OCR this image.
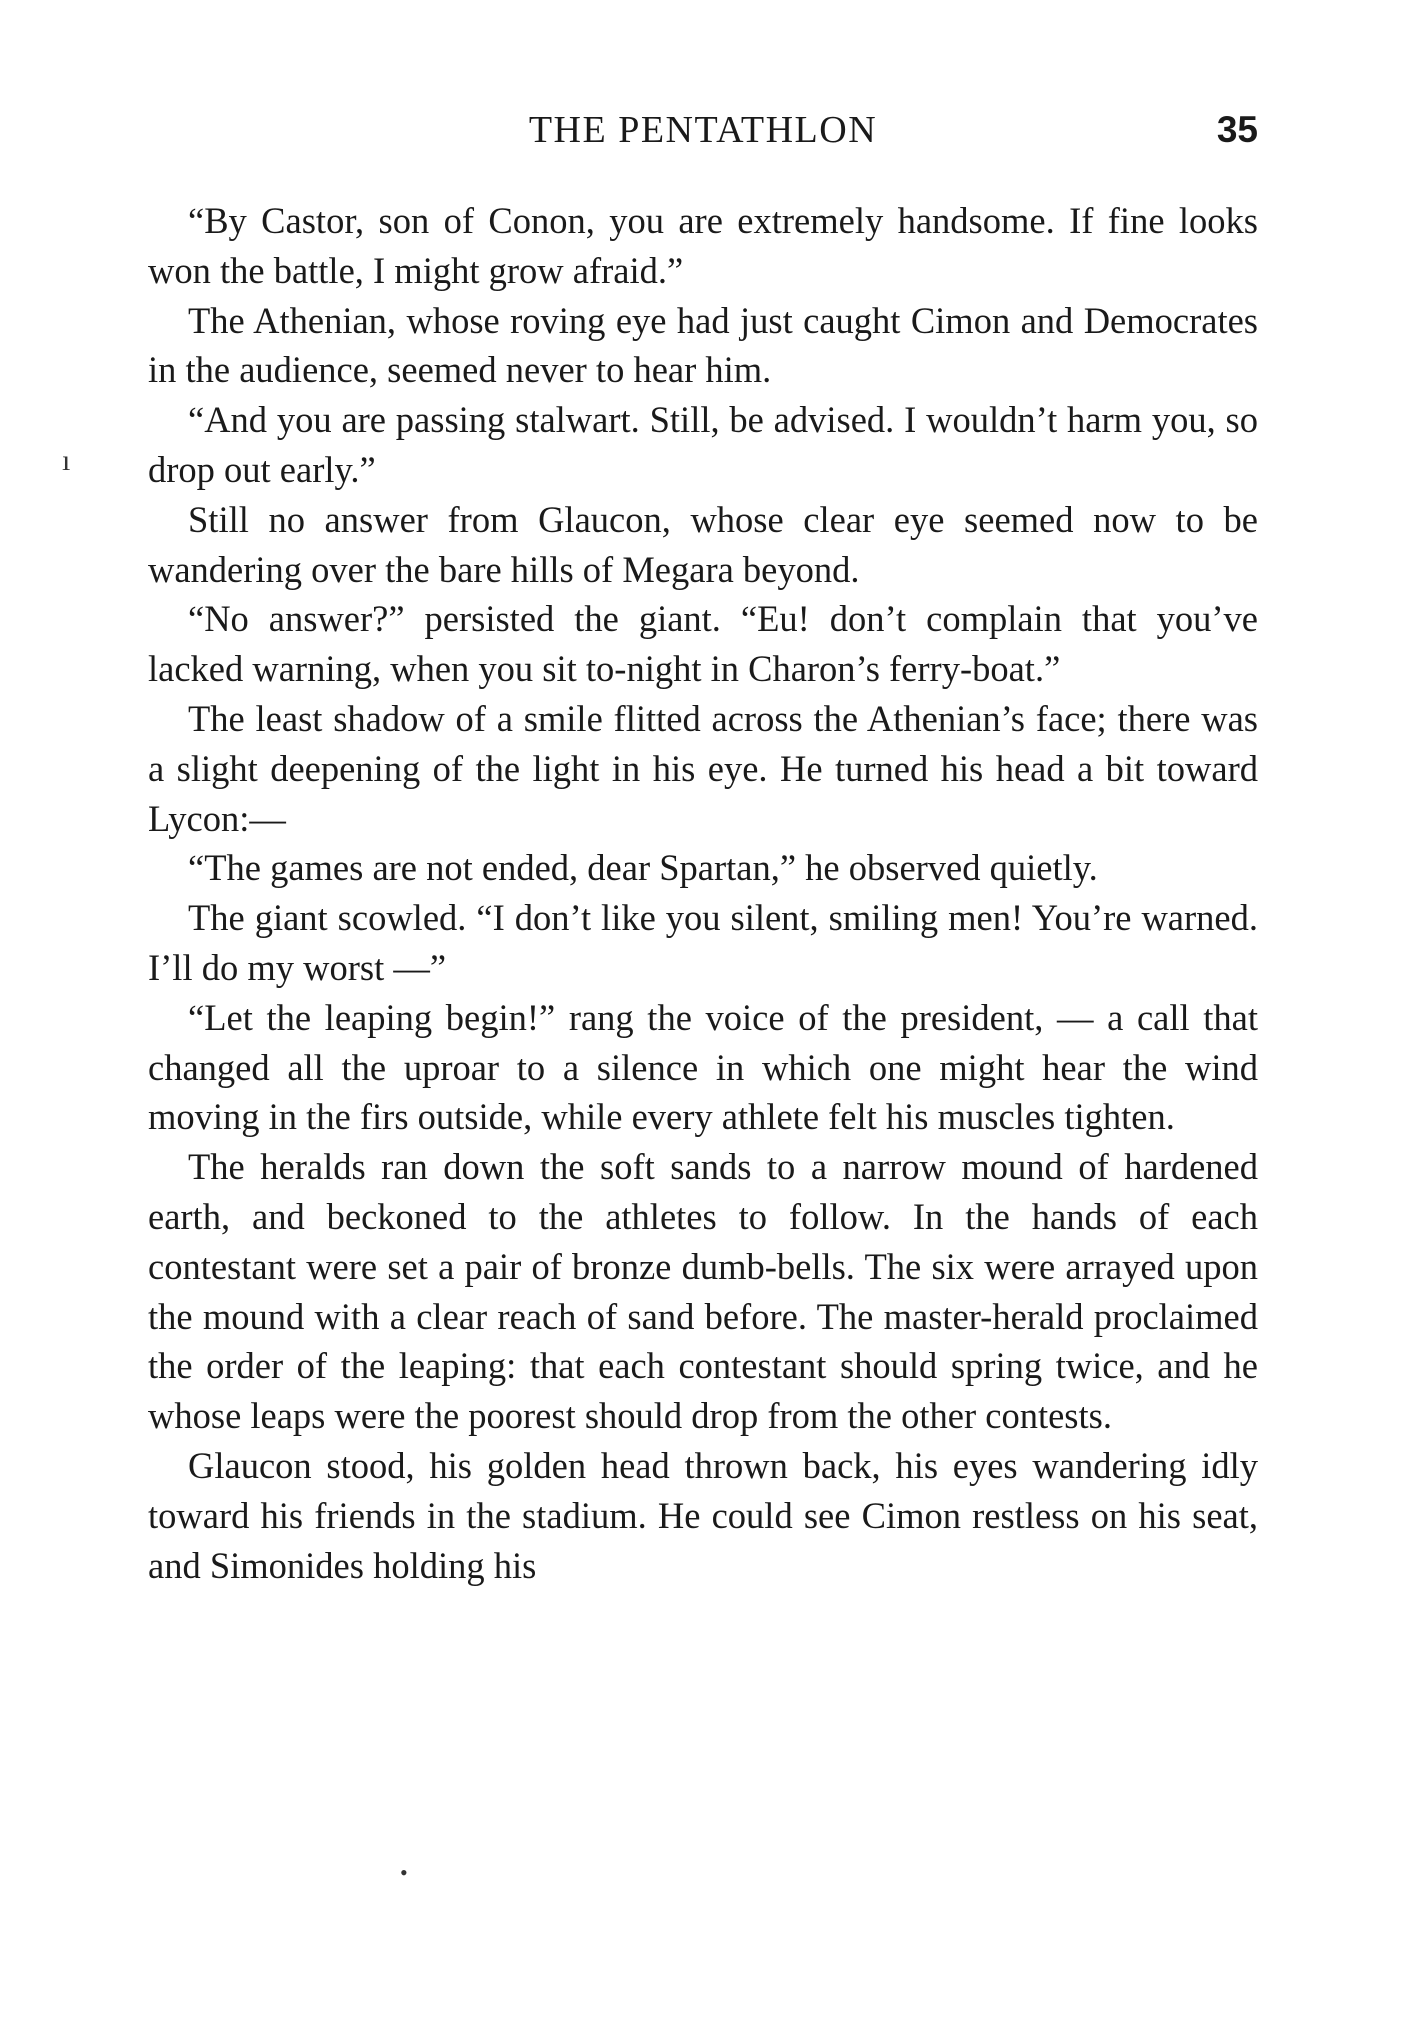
THE PENTATHLON	35
ı

“By Castor, son of Conon, you are extremely handsome. If fine looks won the battle, I might grow afraid.”

The Athenian, whose roving eye had just caught Cimon and Democrates in the audience, seemed never to hear him.

“And you are passing stalwart. Still, be advised. I wouldn’t harm you, so drop out early.”

Still no answer from Glaucon, whose clear eye seemed now to be wandering over the bare hills of Megara beyond.

“No answer?” persisted the giant. “Eu! don’t complain that you’ve lacked warning, when you sit to-night in Charon’s ferry-boat.”

The least shadow of a smile flitted across the Athenian’s face; there was a slight deepening of the light in his eye. He turned his head a bit toward Lycon:—

“The games are not ended, dear Spartan,” he observed quietly.

The giant scowled. “I don’t like you silent, smiling men! You’re warned. I’ll do my worst —”

“Let the leaping begin!” rang the voice of the president, — a call that changed all the uproar to a silence in which one might hear the wind moving in the firs outside, while every athlete felt his muscles tighten.

The heralds ran down the soft sands to a narrow mound of hardened earth, and beckoned to the athletes to follow. In the hands of each contestant were set a pair of bronze dumb-bells. The six were arrayed upon the mound with a clear reach of sand before. The master-herald proclaimed the order of the leaping: that each contestant should spring twice, and he whose leaps were the poorest should drop from the other contests.

Glaucon stood, his golden head thrown back, his eyes wandering idly toward his friends in the stadium. He could see Cimon restless on his seat, and Simonides holding his

•
